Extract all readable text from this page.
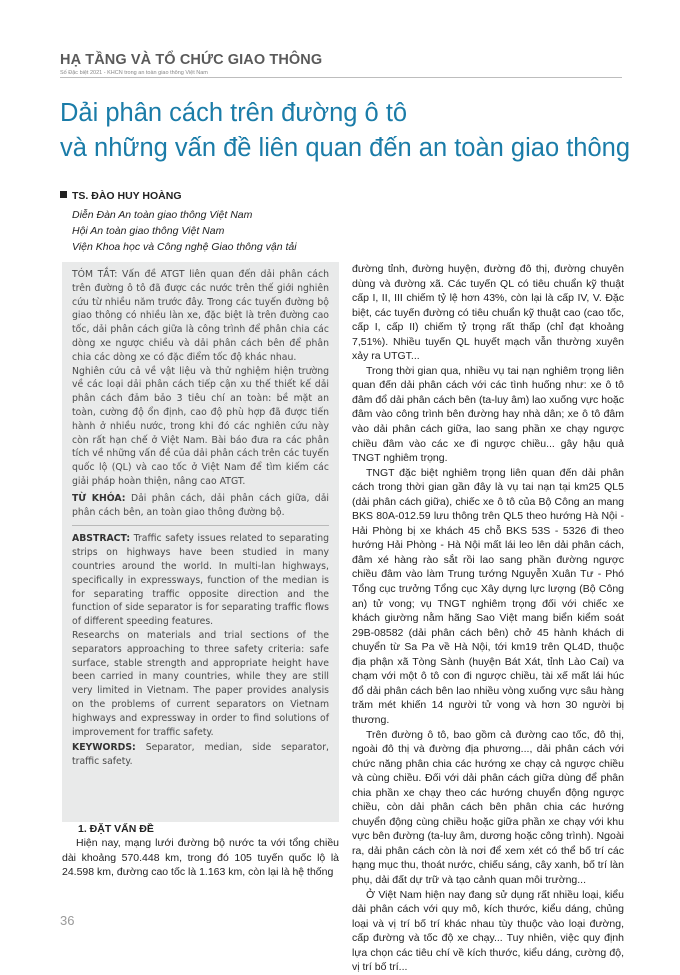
HẠ TẦNG VÀ TỔ CHỨC GIAO THÔNG
Số Đặc biệt 2021 - KHCN trong an toàn giao thông Việt Nam
Dải phân cách trên đường ô tô
và những vấn đề liên quan đến an toàn giao thông
TS. ĐÀO HUY HOÀNG
Diễn Đàn An toàn giao thông Việt Nam
Hội An toàn giao thông Việt Nam
Viện Khoa học và Công nghệ Giao thông vận tải

TÓM TẮT: Vấn đề ATGT liên quan đến dải phân cách trên đường ô tô đã được các nước trên thế giới nghiên cứu từ nhiều năm trước đây. Trong các tuyến đường bộ giao thông có nhiều làn xe, đặc biệt là trên đường cao tốc, dải phân cách giữa là công trình để phân chia các dòng xe ngược chiều và dải phân cách bên để phân chia các dòng xe có đặc điểm tốc độ khác nhau.

Nghiên cứu cả về vật liệu và thử nghiệm hiện trường về các loại dải phân cách tiếp cận xu thế thiết kế dải phân cách đảm bảo 3 tiêu chí an toàn: bề mặt an toàn, cường độ ổn định, cao độ phù hợp đã được tiến hành ở nhiều nước, trong khi đó các nghiên cứu này còn rất hạn chế ở Việt Nam. Bài báo đưa ra các phân tích về những vấn đề của dải phân cách trên các tuyến quốc lộ (QL) và cao tốc ở Việt Nam để tìm kiếm các giải pháp hoàn thiện, nâng cao ATGT.

TỪ KHÓA: Dải phân cách, dải phân cách giữa, dải phân cách bên, an toàn giao thông đường bộ.

ABSTRACT: Traffic safety issues related to separating strips on highways have been studied in many countries around the world. In multi-lan highways, specifically in expressways, function of the median is for separating traffic opposite direction and the function of side separator is for separating traffic flows of different speeding features.

Researchs on materials and trial sections of the separators approaching to three safety criteria: safe surface, stable strength and appropriate height have been carried in many countries, while they are still very limited in Vietnam. The paper provides analysis on the problems of current separators on Vietnam highways and expressway in order to find solutions of improvement for traffic safety.

KEYWORDS: Separator, median, side separator, traffic safety.

1. ĐẶT VẤN ĐỀ
Hiện nay, mạng lưới đường bộ nước ta với tổng chiều dài khoảng 570.448 km, trong đó 105 tuyến quốc lộ là 24.598 km, đường cao tốc là 1.163 km, còn lại là hệ thống

đường tỉnh, đường huyện, đường đô thị, đường chuyên dùng và đường xã. Các tuyến QL có tiêu chuẩn kỹ thuật cấp I, II, III chiếm tỷ lệ hơn 43%, còn lại là cấp IV, V. Đặc biệt, các tuyến đường có tiêu chuẩn kỹ thuật cao (cao tốc, cấp I, cấp II) chiếm tỷ trọng rất thấp (chỉ đạt khoảng 7,51%). Nhiều tuyến QL huyết mạch vẫn thường xuyên xảy ra UTGT...

Trong thời gian qua, nhiều vụ tai nạn nghiêm trọng liên quan đến dải phân cách với các tình huống như: xe ô tô đâm đổ dải phân cách bên (ta-luy âm) lao xuống vực hoặc đâm vào công trình bên đường hay nhà dân; xe ô tô đâm vào dải phân cách giữa, lao sang phần xe chạy ngược chiều đâm vào các xe đi ngược chiều... gây hậu quả TNGT nghiêm trọng.

TNGT đặc biệt nghiêm trọng liên quan đến dải phân cách trong thời gian gần đây là vụ tai nạn tại km25 QL5 (dải phân cách giữa), chiếc xe ô tô của Bộ Công an mang BKS 80A-012.59 lưu thông trên QL5 theo hướng Hà Nội - Hải Phòng bị xe khách 45 chỗ BKS 53S - 5326 đi theo hướng Hải Phòng - Hà Nội mất lái leo lên dải phân cách, đâm xé hàng rào sắt rồi lao sang phần đường ngược chiều đâm vào làm Trung tướng Nguyễn Xuân Tư - Phó Tổng cục trưởng Tổng cục Xây dựng lực lượng (Bộ Công an) tử vong; vụ TNGT nghiêm trọng đối với chiếc xe khách giường nằm hãng Sao Việt mang biển kiểm soát 29B-08582 (dải phân cách bên) chở 45 hành khách di chuyển từ Sa Pa về Hà Nội, tới km19 trên QL4D, thuộc địa phận xã Tòng Sành (huyện Bát Xát, tỉnh Lào Cai) va chạm với một ô tô con đi ngược chiều, tài xế mất lái húc đổ dải phân cách bên lao nhiều vòng xuống vực sâu hàng trăm mét khiến 14 người tử vong và hơn 30 người bị thương.

Trên đường ô tô, bao gồm cả đường cao tốc, đô thị, ngoài đô thị và đường địa phương..., dải phân cách với chức năng phân chia các hướng xe chạy cả ngược chiều và cùng chiều. Đối với dải phân cách giữa dùng để phân chia phần xe chạy theo các hướng chuyển động ngược chiều, còn dải phân cách bên phân chia các hướng chuyển động cùng chiều hoặc giữa phần xe chạy với khu vực bên đường (ta-luy âm, dương hoặc công trình). Ngoài ra, dải phân cách còn là nơi để xem xét có thể bố trí các hạng mục thu, thoát nước, chiếu sáng, cây xanh, bố trí làn phụ, dải đất dự trữ và tạo cảnh quan môi trường...

Ở Việt Nam hiện nay đang sử dụng rất nhiều loại, kiểu dải phân cách với quy mô, kích thước, kiểu dáng, chủng loại và vị trí bố trí khác nhau tùy thuộc vào loại đường, cấp đường và tốc độ xe chạy... Tuy nhiên, việc quy định lựa chọn các tiêu chí về kích thước, kiểu dáng, cường độ, vị trí bố trí...

36
